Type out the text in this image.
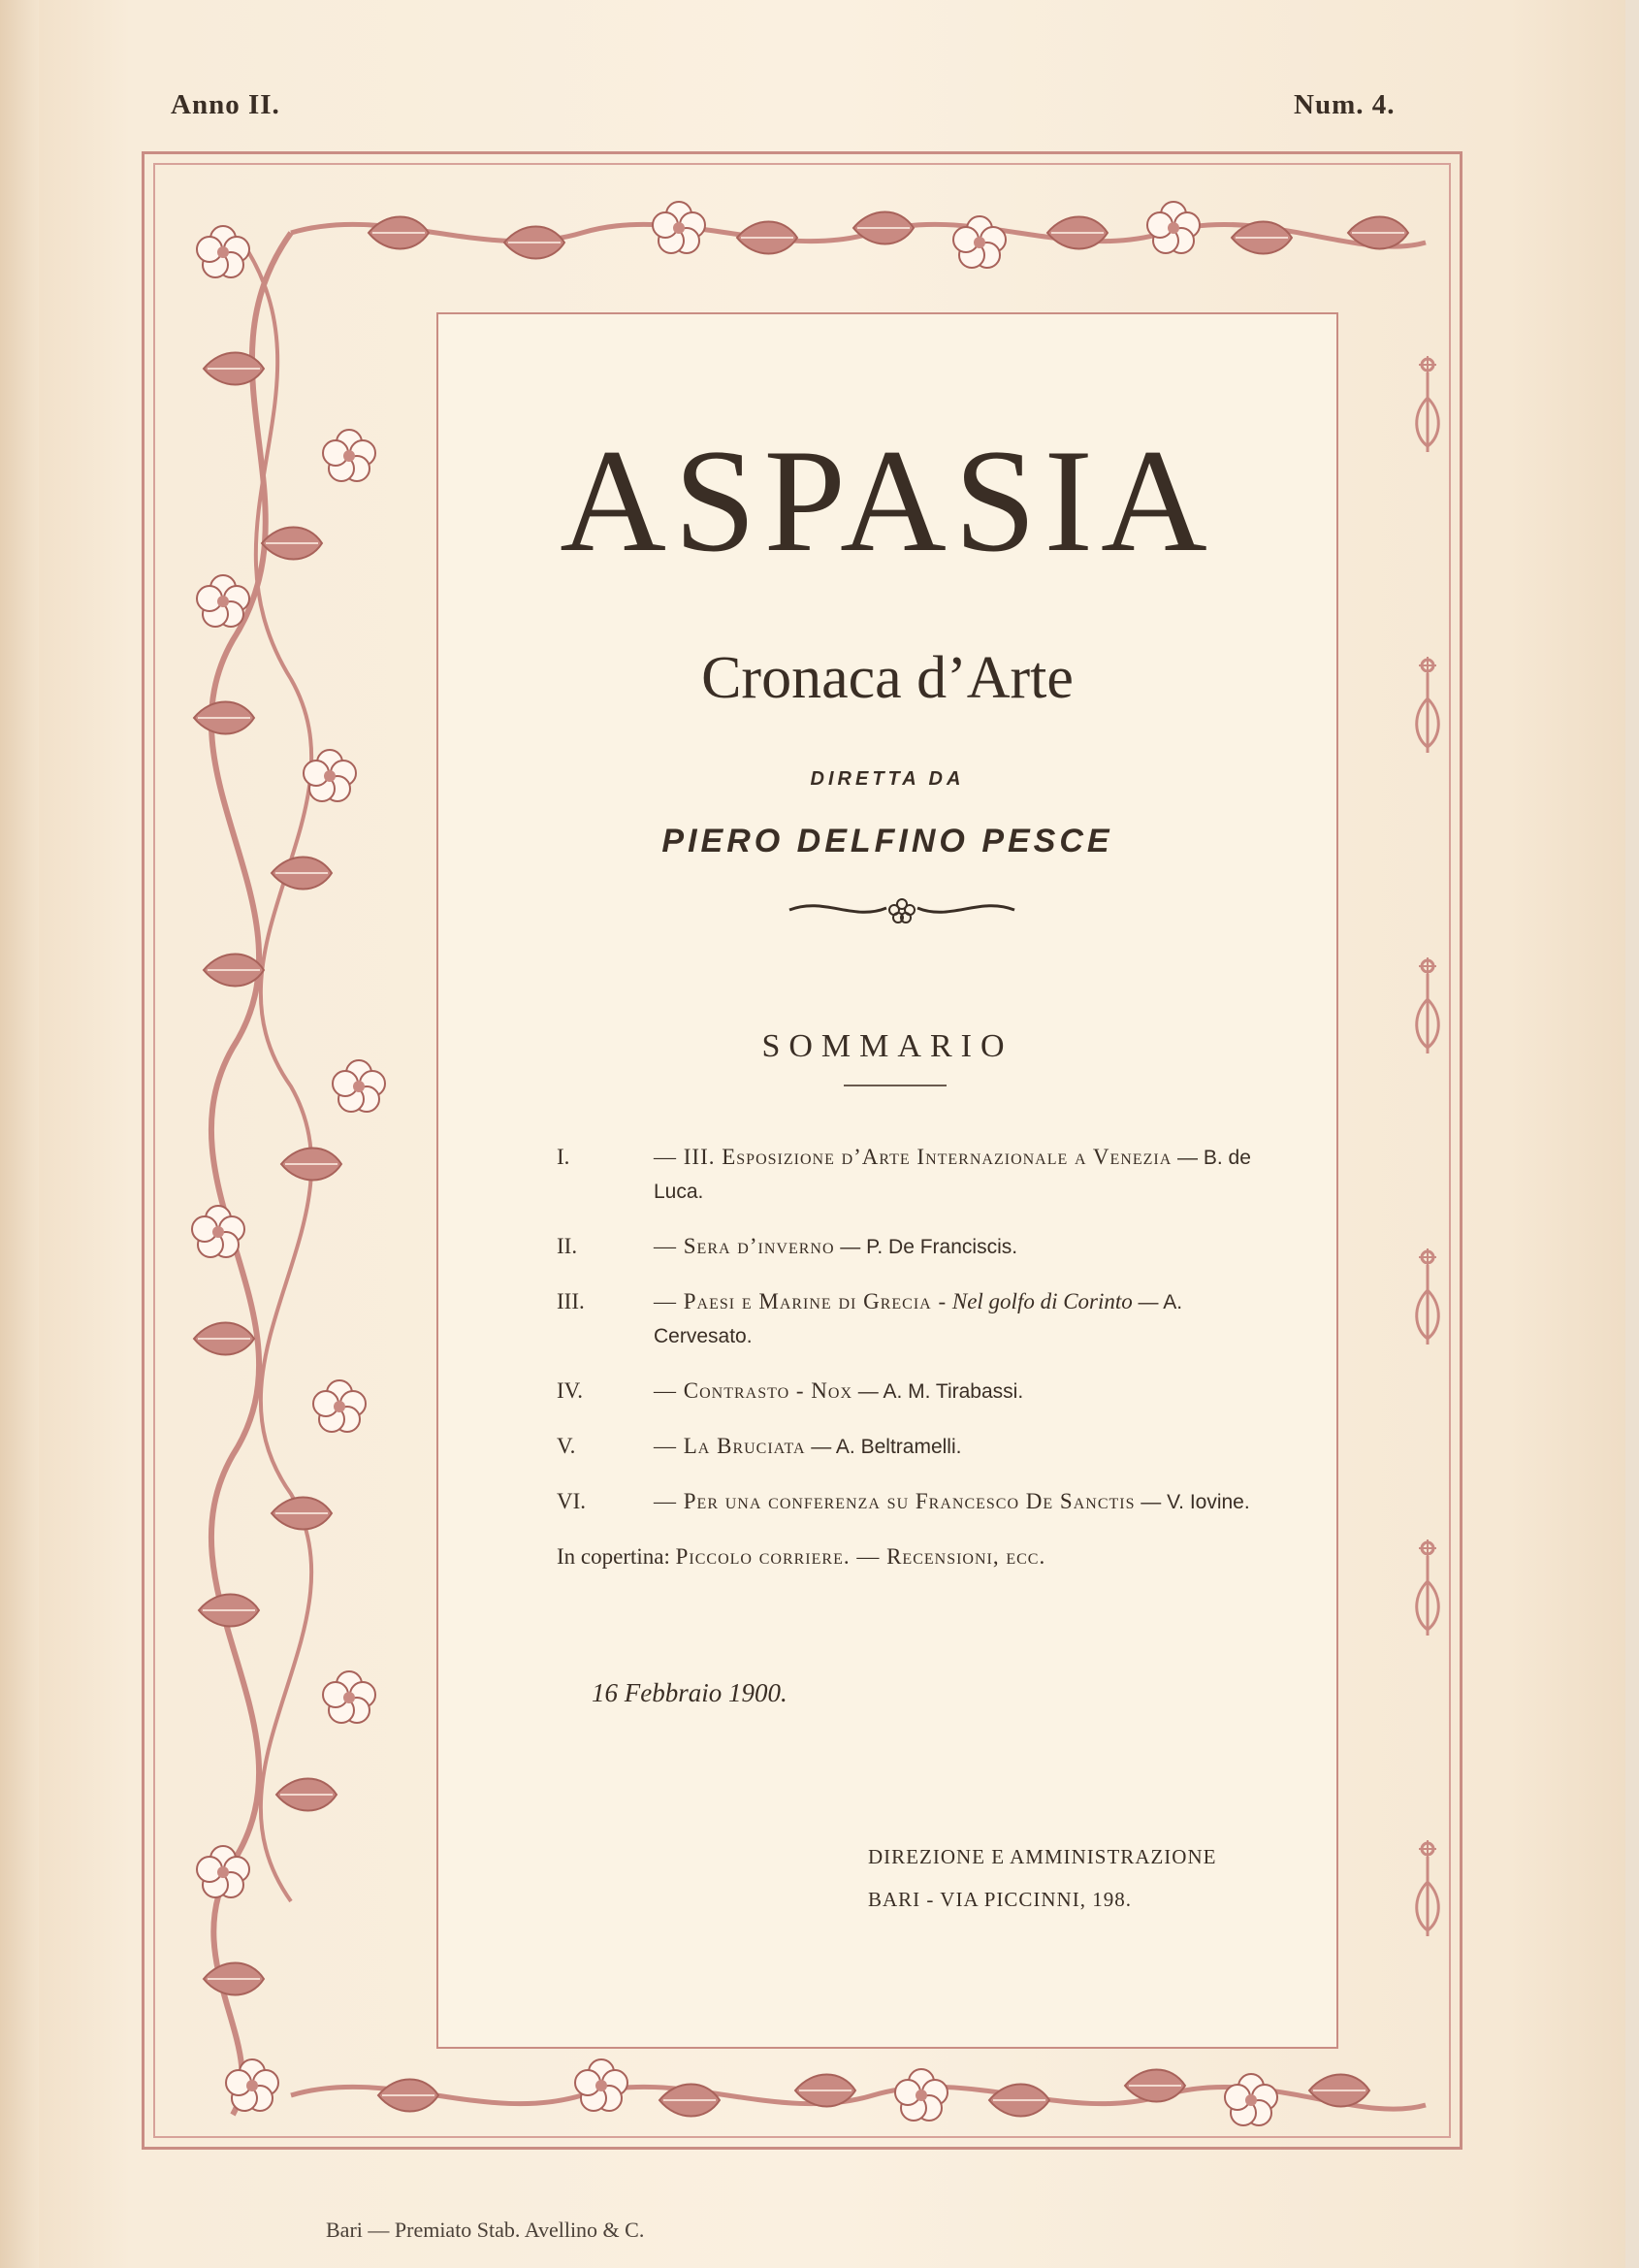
Anno II.	Num. 4.
ASPASIA
Cronaca d’Arte
DIRETTA DA
PIERO DELFINO PESCE
SOMMARIO
I.	— III. Esposizione d’Arte Internazionale a Venezia — B. de Luca.
II.	— Sera d’inverno — P. De Franciscis.
III.	— Paesi e Marine di Grecia - Nel golfo di Corinto — A. Cervesato.
IV.	— Contrasto - Nox — A. M. Tirabassi.
V.	— La Bruciata — A. Beltramelli.
VI.	— Per una conferenza su Francesco De Sanctis — V. Iovine.
In copertina: Piccolo corriere. — Recensioni, ecc.
16 Febbraio 1900.
DIREZIONE E AMMINISTRAZIONE
BARI - VIA PICCINNI, 198.
Bari — Premiato Stab. Avellino & C.
